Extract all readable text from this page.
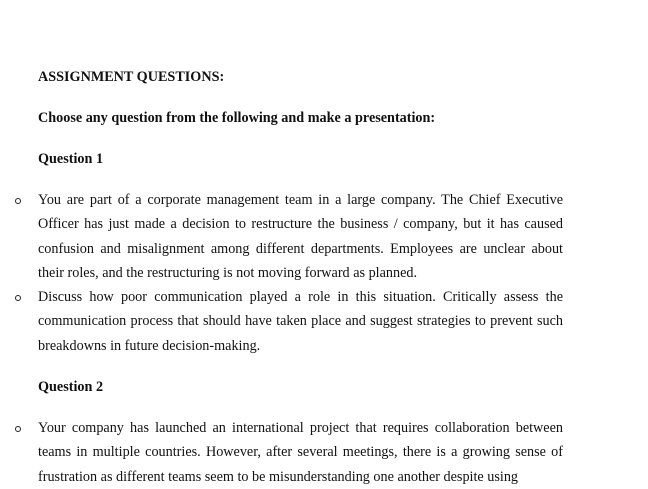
ASSIGNMENT QUESTIONS:
Choose any question from the following and make a presentation:
Question 1
You are part of a corporate management team in a large company. The Chief Executive Officer has just made a decision to restructure the business / company, but it has caused confusion and misalignment among different departments. Employees are unclear about their roles, and the restructuring is not moving forward as planned.
Discuss how poor communication played a role in this situation. Critically assess the communication process that should have taken place and suggest strategies to prevent such breakdowns in future decision-making.
Question 2
Your company has launched an international project that requires collaboration between teams in multiple countries. However, after several meetings, there is a growing sense of frustration as different teams seem to be misunderstanding one another despite using
